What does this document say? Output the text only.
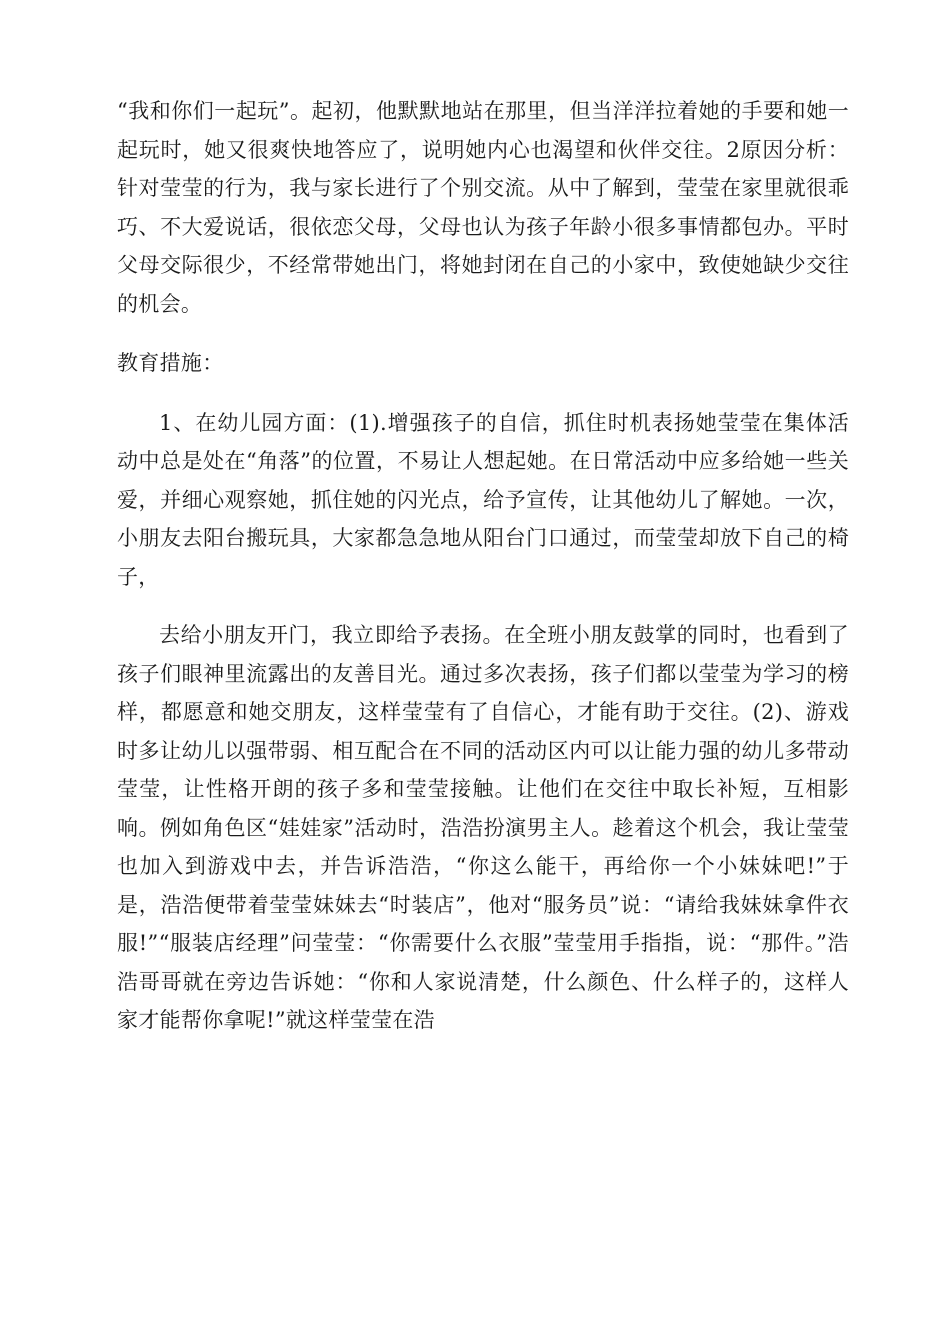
“我和你们一起玩”。起初，他默默地站在那里，但当洋洋拉着她的手要和她一起玩时，她又很爽快地答应了，说明她内心也渴望和伙伴交往。2原因分析：针对莹莹的行为，我与家长进行了个别交流。从中了解到，莹莹在家里就很乖巧、不大爱说话，很依恋父母，父母也认为孩子年龄小很多事情都包办。平时父母交际很少，不经常带她出门，将她封闭在自己的小家中，致使她缺少交往的机会。

教育措施：

1、在幼儿园方面：(1).增强孩子的自信，抓住时机表扬她莹莹在集体活动中总是处在“角落”的位置，不易让人想起她。在日常活动中应多给她一些关爱，并细心观察她，抓住她的闪光点，给予宣传，让其他幼儿了解她。一次，小朋友去阳台搬玩具，大家都急急地从阳台门口通过，而莹莹却放下自己的椅子，

去给小朋友开门，我立即给予表扬。在全班小朋友鼓掌的同时，也看到了孩子们眼神里流露出的友善目光。通过多次表扬，孩子们都以莹莹为学习的榜样，都愿意和她交朋友，这样莹莹有了自信心，才能有助于交往。(2)、游戏时多让幼儿以强带弱、相互配合在不同的活动区内可以让能力强的幼儿多带动莹莹，让性格开朗的孩子多和莹莹接触。让他们在交往中取长补短，互相影响。例如角色区“娃娃家”活动时，浩浩扮演男主人。趁着这个机会，我让莹莹也加入到游戏中去，并告诉浩浩，“你这么能干，再给你一个小妹妹吧!”于是，浩浩便带着莹莹妹妹去“时装店”，他对“服务员”说：“请给我妹妹拿件衣服!”“服装店经理”问莹莹：“你需要什么衣服”莹莹用手指指，说：“那件。”浩浩哥哥就在旁边告诉她：“你和人家说清楚，什么颜色、什么样子的，这样人家才能帮你拿呢!”就这样莹莹在浩
